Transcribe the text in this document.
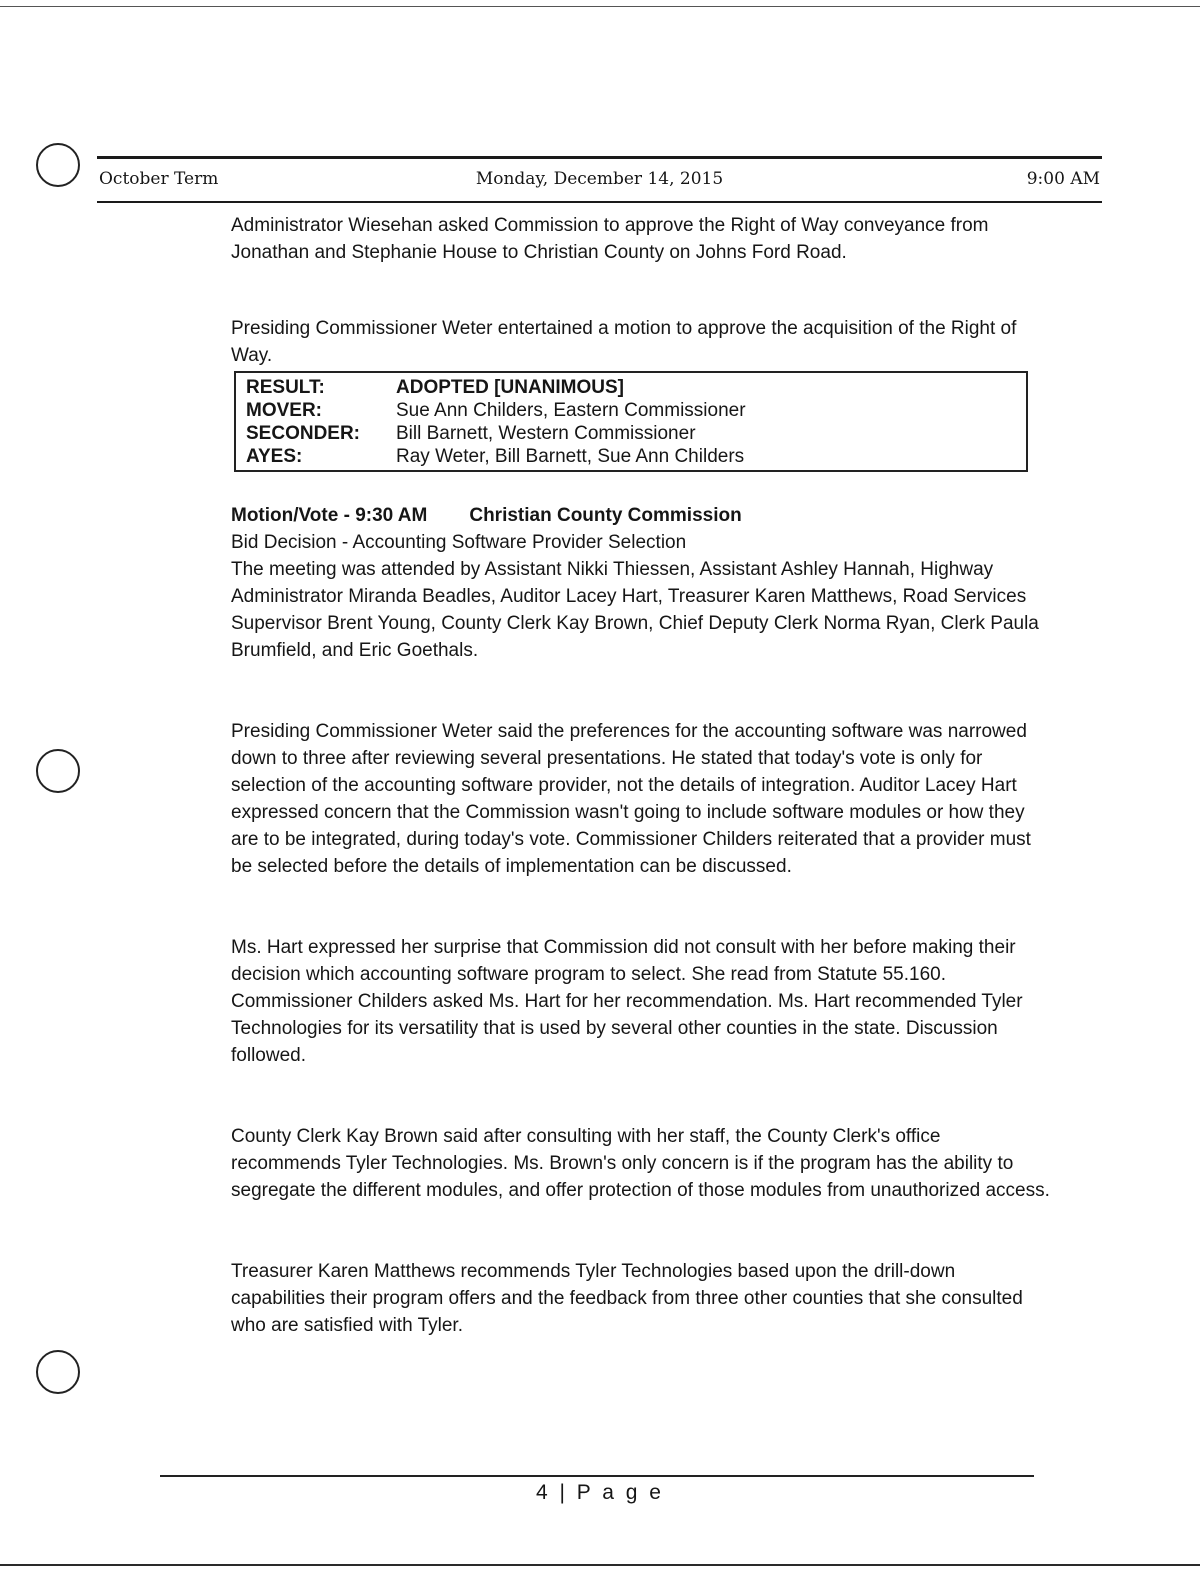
October Term	Monday, December 14, 2015	9:00 AM

Administrator Wiesehan asked Commission to approve the Right of Way conveyance from Jonathan and Stephanie House to Christian County on Johns Ford Road.

Presiding Commissioner Weter entertained a motion to approve the acquisition of the Right of Way.

RESULT:	ADOPTED [UNANIMOUS]
MOVER:	Sue Ann Childers, Eastern Commissioner
SECONDER:	Bill Barnett, Western Commissioner
AYES:	Ray Weter, Bill Barnett, Sue Ann Childers

Motion/Vote - 9:30 AM Christian County Commission

Bid Decision - Accounting Software Provider Selection

The meeting was attended by Assistant Nikki Thiessen, Assistant Ashley Hannah, Highway Administrator Miranda Beadles, Auditor Lacey Hart, Treasurer Karen Matthews, Road Services Supervisor Brent Young, County Clerk Kay Brown, Chief Deputy Clerk Norma Ryan, Clerk Paula Brumfield, and Eric Goethals.

Presiding Commissioner Weter said the preferences for the accounting software was narrowed down to three after reviewing several presentations. He stated that today's vote is only for selection of the accounting software provider, not the details of integration. Auditor Lacey Hart expressed concern that the Commission wasn't going to include software modules or how they are to be integrated, during today's vote. Commissioner Childers reiterated that a provider must be selected before the details of implementation can be discussed.

Ms. Hart expressed her surprise that Commission did not consult with her before making their decision which accounting software program to select. She read from Statute 55.160. Commissioner Childers asked Ms. Hart for her recommendation. Ms. Hart recommended Tyler Technologies for its versatility that is used by several other counties in the state. Discussion followed.

County Clerk Kay Brown said after consulting with her staff, the County Clerk's office recommends Tyler Technologies. Ms. Brown's only concern is if the program has the ability to segregate the different modules, and offer protection of those modules from unauthorized access.

Treasurer Karen Matthews recommends Tyler Technologies based upon the drill-down capabilities their program offers and the feedback from three other counties that she consulted who are satisfied with Tyler.

4 | P a g e
